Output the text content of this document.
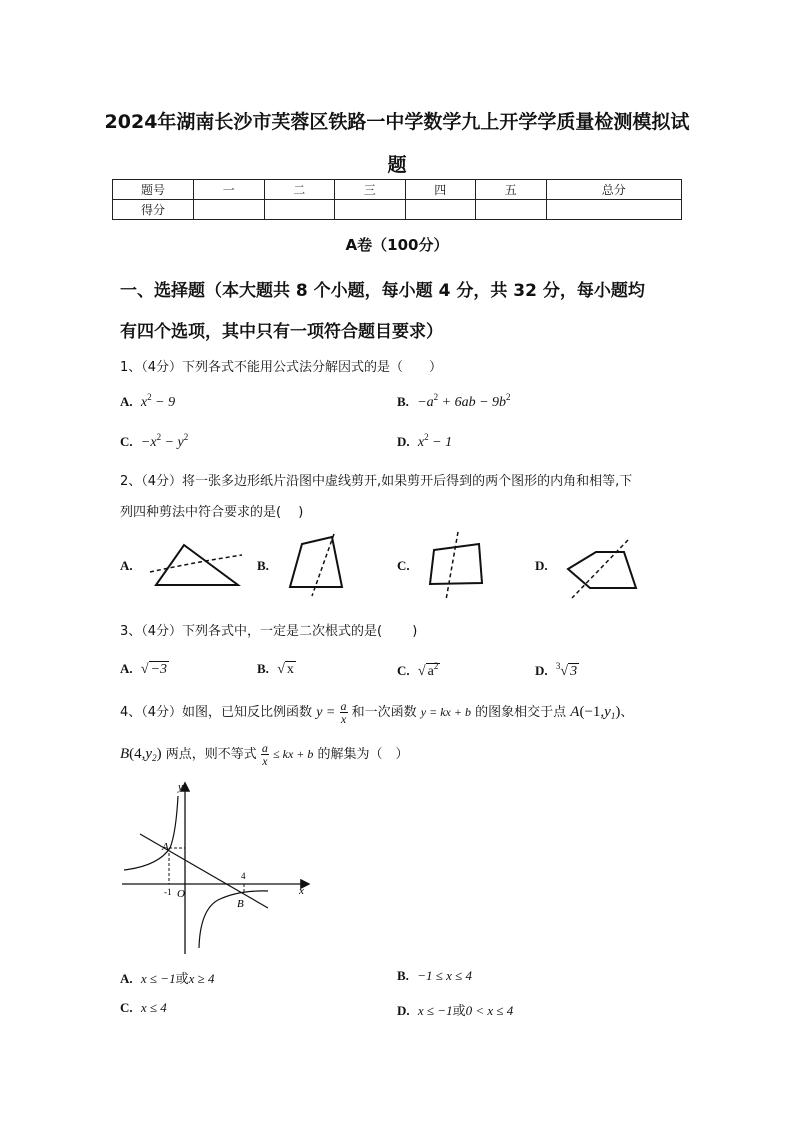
2024年湖南长沙市芙蓉区铁路一中学数学九上开学学质量检测模拟试
题
题号	一	二	三	四	五	总分
得分						
A卷（100分）
一、选择题（本大题共 8 个小题，每小题 4 分，共 32 分，每小题均
有四个选项，其中只有一项符合题目要求）
1、（4分）下列各式不能用公式法分解因式的是（　　）
A. $x^2 - 9$	B. $-a^2 + 6ab - 9b^2$
C. $-x^2 - y^2$	D. $x^2 - 1$
2、（4分）将一张多边形纸片沿图中虚线剪开,如果剪开后得到的两个图形的内角和相等,下
列四种剪法中符合要求的是(　 )
A.	B.	C.	D.
3、（4分）下列各式中，一定是二次根式的是(　　 )
A. √ −3	B. √ x	C. √ $a^2$	D. $^3$√ 3
4、（4分）如图，已知反比例函数 $y = \frac{a}{x}$ 和一次函数 y = kx + b 的图象相交于点 $A(-1,y_1)$、
$B(4,y_2)$ 两点，则不等式 $\frac{a}{x}$ ≤ kx + b 的解集为（　）
y
x
A
B
O
-1
4
A. x ≤ −1或x ≥ 4	B. −1 ≤ x ≤ 4
C. x ≤ 4	D. x ≤ −1或0 < x ≤ 4
